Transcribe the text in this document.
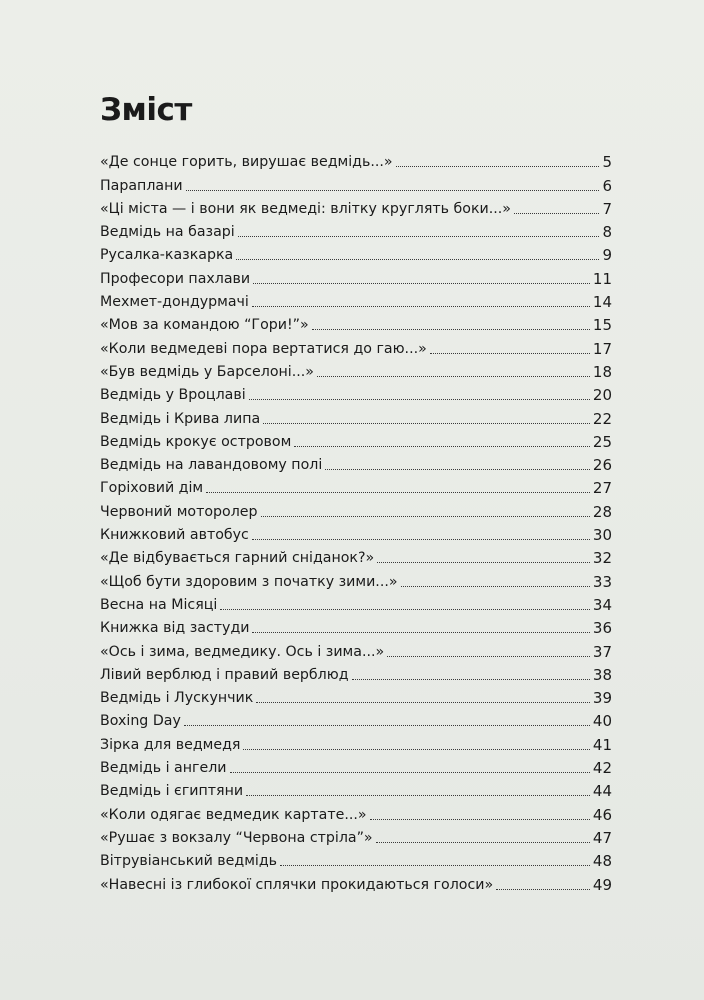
Зміст
«Де сонце горить, вирушає ведмідь...»	5
Параплани	6
«Ці міста — і вони як ведмеді: влітку круглять боки...»	7
Ведмідь на базарі	8
Русалка-казкарка	9
Професори пахлави	11
Мехмет-дондурмачі	14
«Мов за командою “Гори!”»	15
«Коли ведмедеві пора вертатися до гаю...»	17
«Був ведмідь у Барселоні...»	18
Ведмідь у Вроцлаві	20
Ведмідь і Крива липа	22
Ведмідь крокує островом	25
Ведмідь на лавандовому полі	26
Горіховий дім	27
Червоний моторолер	28
Книжковий автобус	30
«Де відбувається гарний сніданок?»	32
«Щоб бути здоровим з початку зими...»	33
Весна на Місяці	34
Книжка від застуди	36
«Ось і зима, ведмедику. Ось і зима...»	37
Лівий верблюд і правий верблюд	38
Ведмідь і Лускунчик	39
Boxing Day	40
Зірка для ведмедя	41
Ведмідь і ангели	42
Ведмідь і єгиптяни	44
«Коли одягає ведмедик картате...»	46
«Рушає з вокзалу “Червона стріла”»	47
Вітрувіанський ведмідь	48
«Навесні із глибокої сплячки прокидаються голоси»	49
